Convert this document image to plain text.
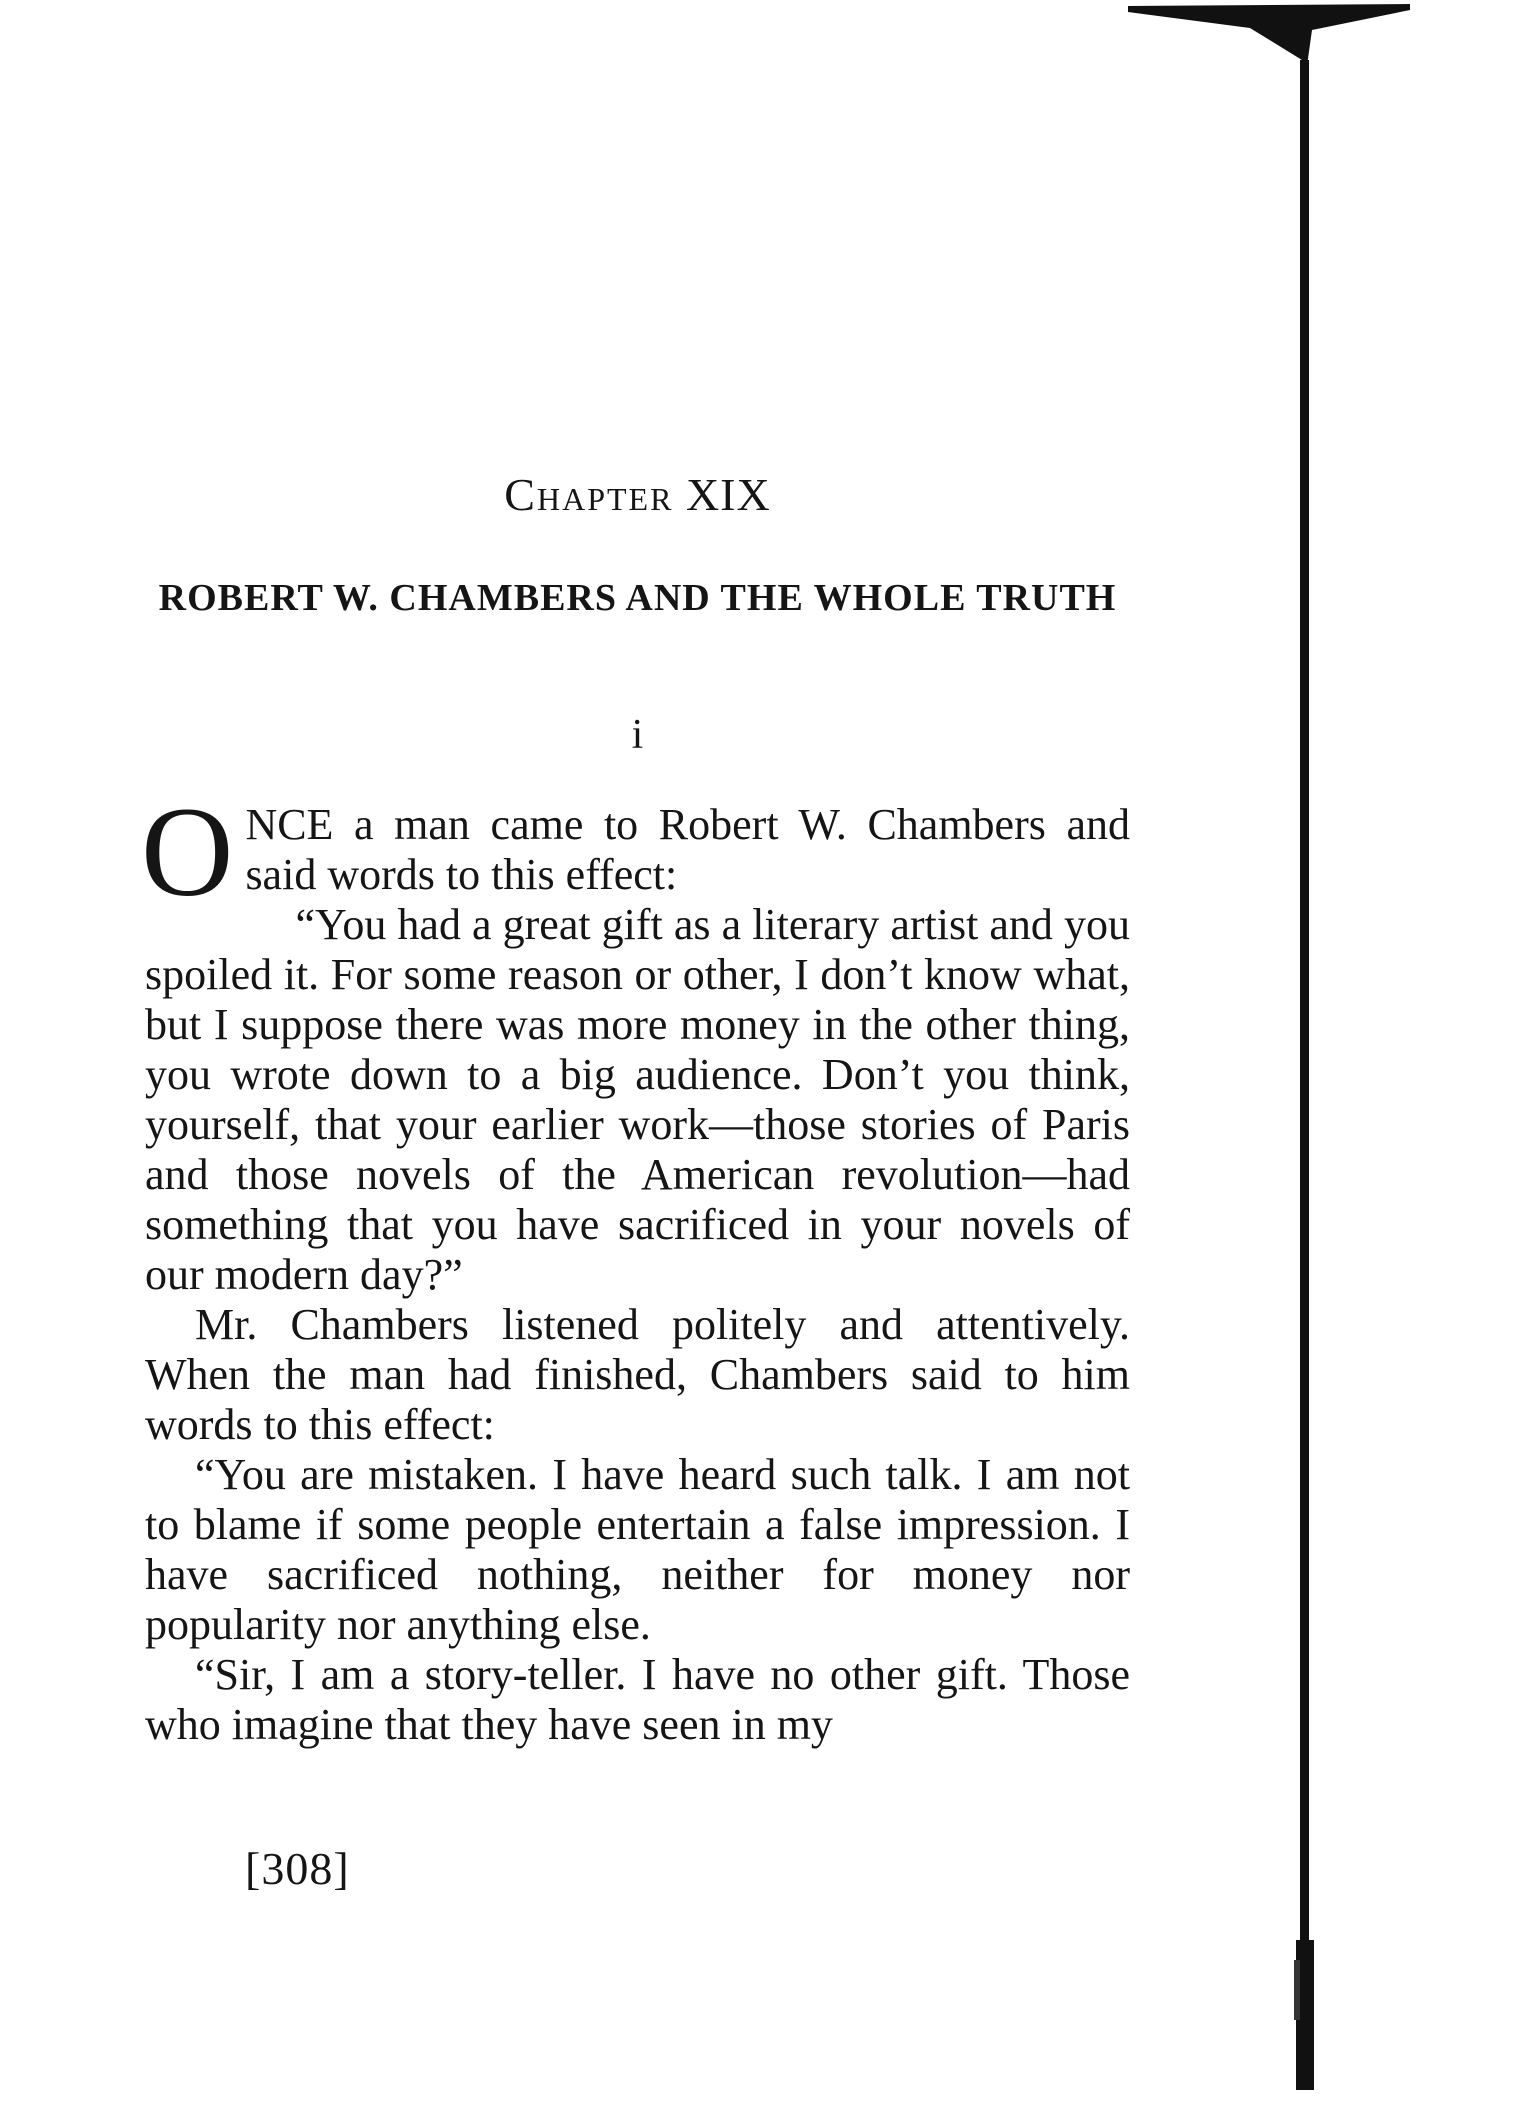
Chapter XIX
ROBERT W. CHAMBERS AND THE WHOLE TRUTH
i

ONCE a man came to Robert W. Chambers and said words to this effect:

“You had a great gift as a literary artist and you spoiled it. For some reason or other, I don’t know what, but I suppose there was more money in the other thing, you wrote down to a big audience. Don’t you think, yourself, that your earlier work—those stories of Paris and those novels of the American revolution—had something that you have sacrificed in your novels of our modern day?”

Mr. Chambers listened politely and attentively. When the man had finished, Chambers said to him words to this effect:

“You are mistaken. I have heard such talk. I am not to blame if some people entertain a false impression. I have sacrificed nothing, neither for money nor popularity nor anything else.

“Sir, I am a story-teller. I have no other gift. Those who imagine that they have seen in my

[308]
